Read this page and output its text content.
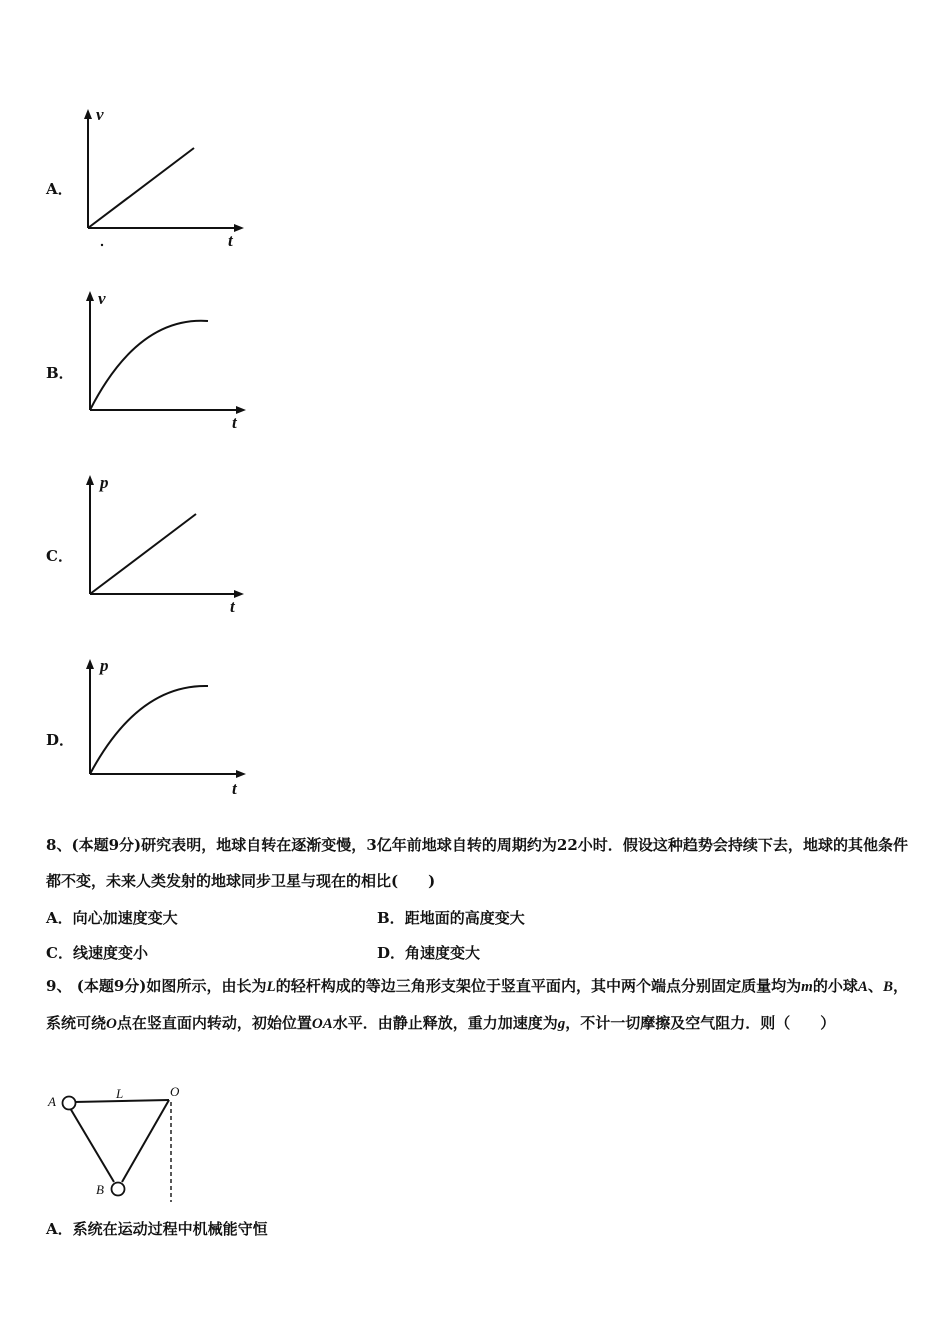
A．
v
t
B．
v
t
C．
p
t
D．
p
t
8、(本题9分)研究表明，地球自转在逐渐变慢，3亿年前地球自转的周期约为22小时．假设这种趋势会持续下去，地球的其他条件都不变，未来人类发射的地球同步卫星与现在的相比(　　)
A．向心加速度变大	B．距地面的高度变大
C．线速度变小	D．角速度变大
9、 (本题9分)如图所示，由长为L的轻杆构成的等边三角形支架位于竖直平面内，其中两个端点分别固定质量均为m的小球A、B，系统可绕O点在竖直面内转动，初始位置OA水平．由静止释放，重力加速度为g，不计一切摩擦及空气阻力．则（　　）
A
B
O
L
A．系统在运动过程中机械能守恒
